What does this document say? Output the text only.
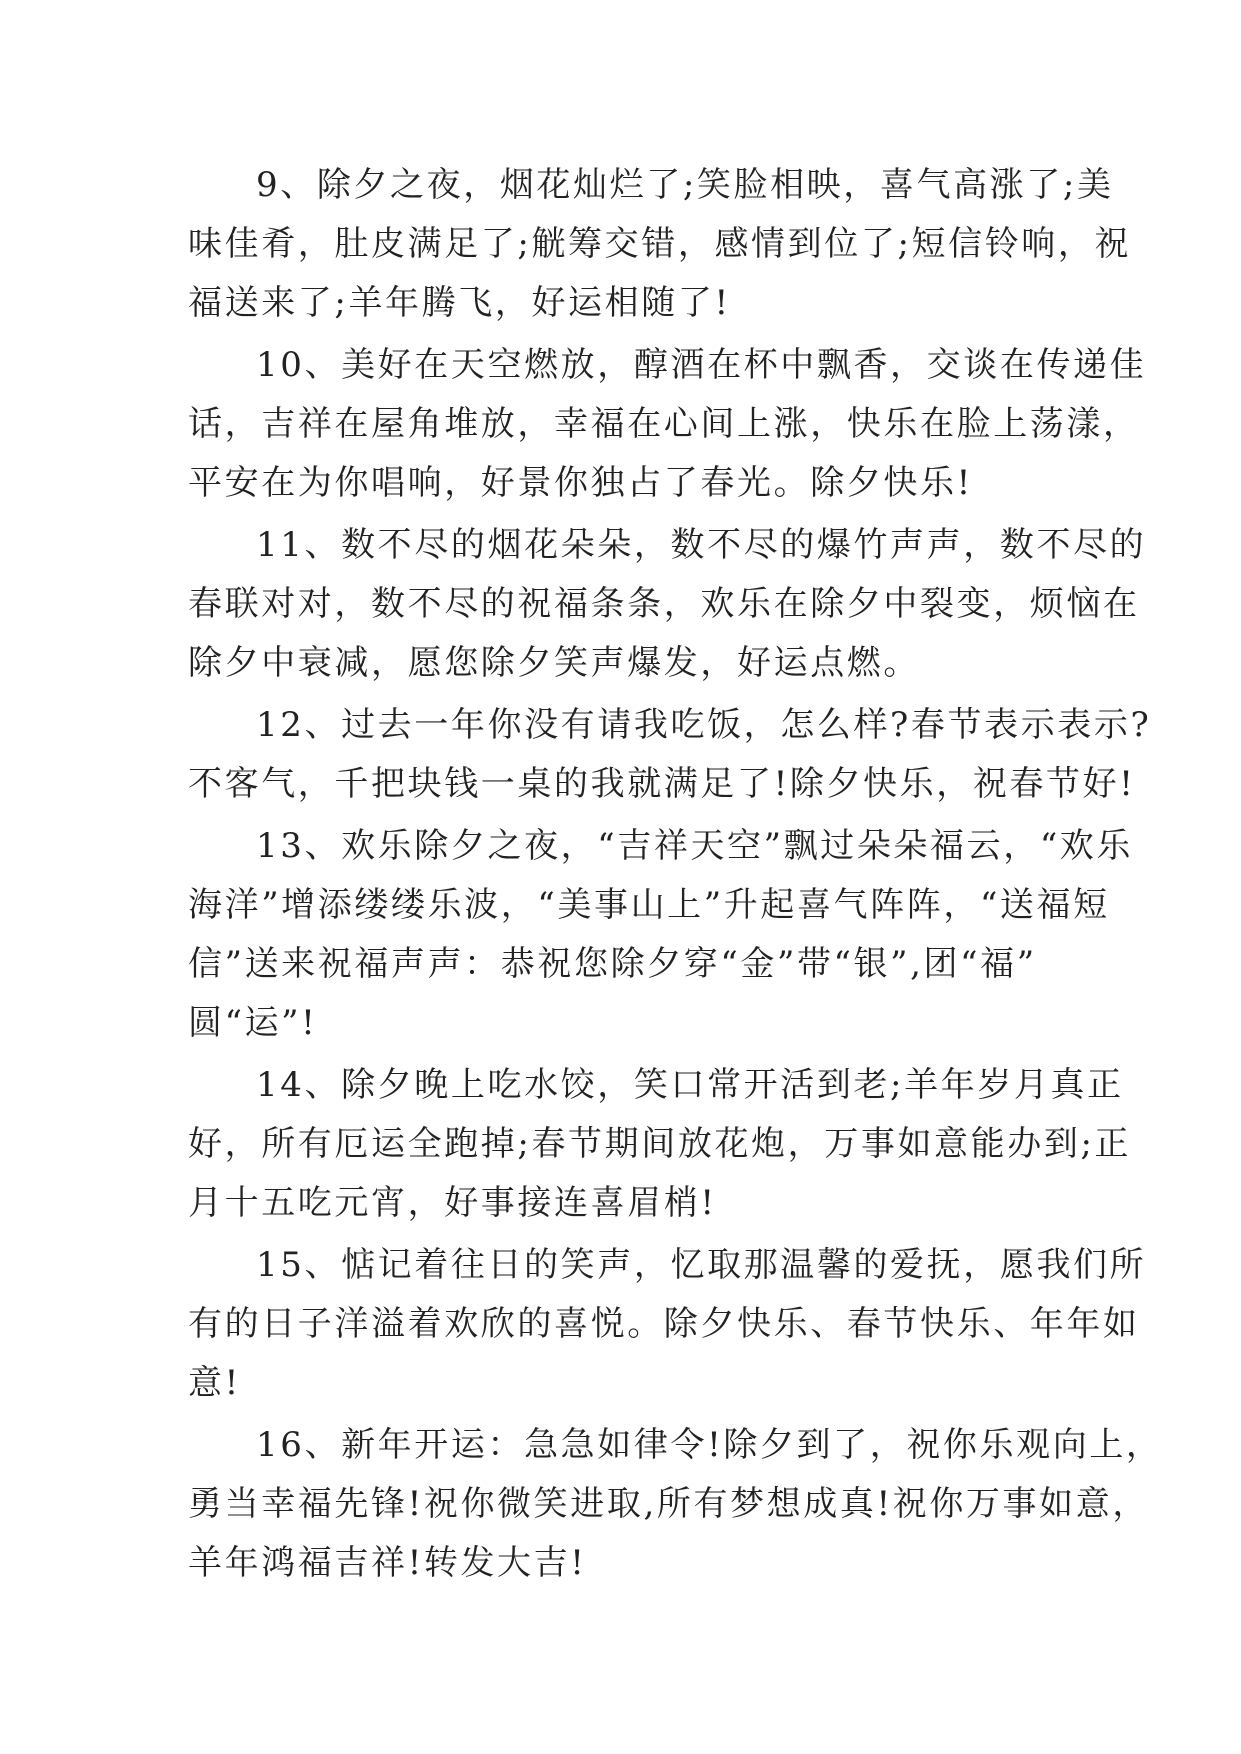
9、除夕之夜，烟花灿烂了;笑脸相映，喜气高涨了;美
味佳肴，肚皮满足了;觥筹交错，感情到位了;短信铃响，祝
福送来了;羊年腾飞，好运相随了!
10、美好在天空燃放，醇酒在杯中飘香，交谈在传递佳
话，吉祥在屋角堆放，幸福在心间上涨，快乐在脸上荡漾，
平安在为你唱响，好景你独占了春光。除夕快乐!
11、数不尽的烟花朵朵，数不尽的爆竹声声，数不尽的
春联对对，数不尽的祝福条条，欢乐在除夕中裂变，烦恼在
除夕中衰减，愿您除夕笑声爆发，好运点燃。
12、过去一年你没有请我吃饭，怎么样?春节表示表示?
不客气，千把块钱一桌的我就满足了!除夕快乐，祝春节好!
13、欢乐除夕之夜，“吉祥天空”飘过朵朵福云，“欢乐
海洋”增添缕缕乐波，“美事山上”升起喜气阵阵，“送福短
信”送来祝福声声：恭祝您除夕穿“金”带“银”,团“福”
圆“运”!
14、除夕晚上吃水饺，笑口常开活到老;羊年岁月真正
好，所有厄运全跑掉;春节期间放花炮，万事如意能办到;正
月十五吃元宵，好事接连喜眉梢!
15、惦记着往日的笑声，忆取那温馨的爱抚，愿我们所
有的日子洋溢着欢欣的喜悦。除夕快乐、春节快乐、年年如
意!
16、新年开运：急急如律令!除夕到了，祝你乐观向上，
勇当幸福先锋!祝你微笑进取,所有梦想成真!祝你万事如意，
羊年鸿福吉祥!转发大吉!
